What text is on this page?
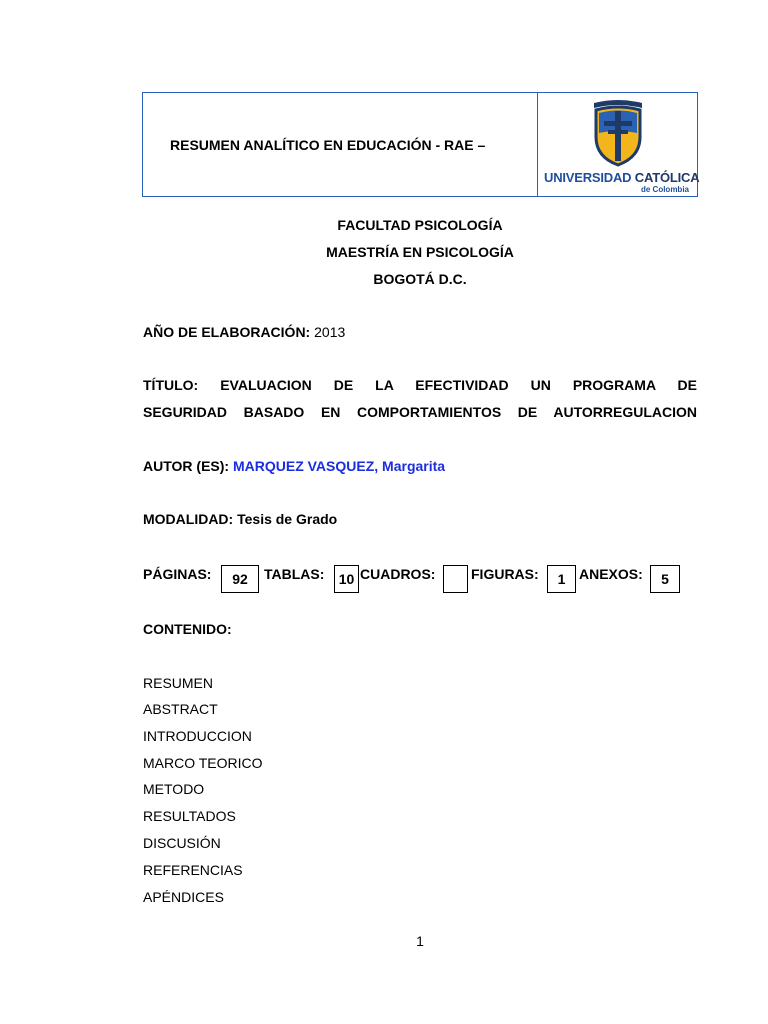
RESUMEN ANALÍTICO EN EDUCACIÓN - RAE –
UNIVERSIDAD CATÓLICA
de Colombia
FACULTAD PSICOLOGÍA
MAESTRÍA EN PSICOLOGÍA
BOGOTÁ D.C.
AÑO DE ELABORACIÓN: 2013
TÍTULO: EVALUACION DE LA EFECTIVIDAD UN PROGRAMA DE
SEGURIDAD BASADO EN COMPORTAMIENTOS DE AUTORREGULACION
AUTOR (ES): MARQUEZ VASQUEZ, Margarita
MODALIDAD: Tesis de Grado
PÁGINAS:	92	TABLAS:	10 CUADROS:	FIGURAS:	1 ANEXOS:	5
CONTENIDO:
RESUMEN
ABSTRACT
INTRODUCCION
MARCO TEORICO
METODO
RESULTADOS
DISCUSIÓN
REFERENCIAS
APÉNDICES
1
